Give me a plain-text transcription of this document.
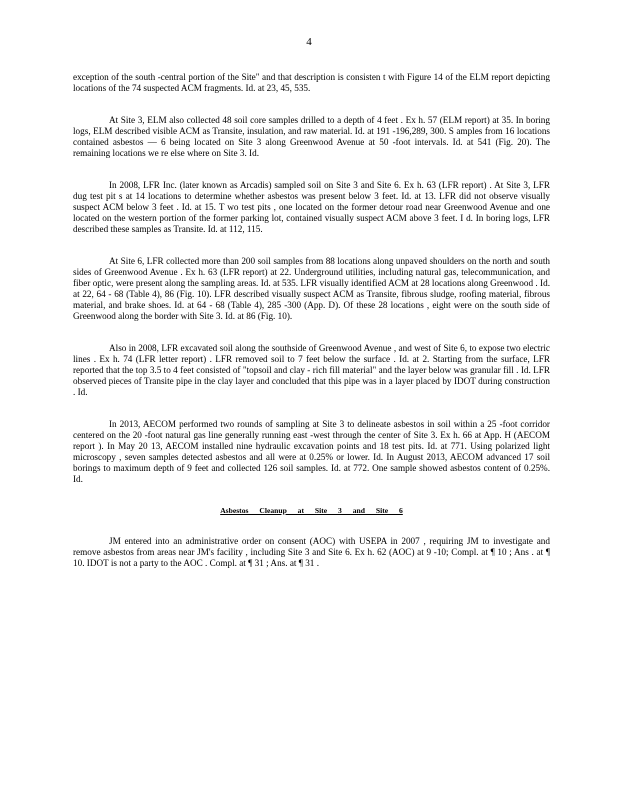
4

exception of the south -central portion of the Site" and that description is consisten t with Figure 14 of the ELM report depicting locations of the 74 suspected ACM fragments. Id. at 23, 45, 535.

At Site 3, ELM also collected 48 soil core samples drilled to a depth of 4 feet . Ex h. 57 (ELM report) at 35. In boring logs, ELM described visible ACM as Transite, insulation, and raw material. Id. at 191 -196,289, 300. S amples from 16 locations contained asbestos — 6 being located on Site 3 along Greenwood Avenue at 50 -foot intervals. Id. at 541 (Fig. 20). The remaining locations we re else where on Site 3. Id.

In 2008, LFR Inc. (later known as Arcadis) sampled soil on Site 3 and Site 6. Ex h. 63 (LFR report) . At Site 3, LFR dug test pit s at 14 locations to determine whether asbestos was present below 3 feet. Id. at 13. LFR did not observe visually suspect ACM below 3 feet . Id. at 15. T wo test pits , one located on the former detour road near Greenwood Avenue and one located on the western portion of the former parking lot, contained visually suspect ACM above 3 feet. I d. In boring logs, LFR described these samples as Transite. Id. at 112, 115.

At Site 6, LFR collected more than 200 soil samples from 88 locations along unpaved shoulders on the north and south sides of Greenwood Avenue . Ex h. 63 (LFR report) at 22. Underground utilities, including natural gas, telecommunication, and fiber optic, were present along the sampling areas. Id. at 535. LFR visually identified ACM at 28 locations along Greenwood . Id. at 22, 64 - 68 (Table 4), 86 (Fig. 10). LFR described visually suspect ACM as Transite, fibrous sludge, roofing material, fibrous material, and brake shoes. Id. at 64 - 68 (Table 4), 285 -300 (App. D). Of these 28 locations , eight were on the south side of Greenwood along the border with Site 3. Id. at 86 (Fig. 10).

Also in 2008, LFR excavated soil along the southside of Greenwood Avenue , and west of Site 6, to expose two electric lines . Ex h. 74 (LFR letter report) . LFR removed soil to 7 feet below the surface . Id. at 2. Starting from the surface, LFR reported that the top 3.5 to 4 feet consisted of "topsoil and clay - rich fill material" and the layer below was granular fill . Id. LFR observed pieces of Transite pipe in the clay layer and concluded that this pipe was in a layer placed by IDOT during construction . Id.

In 2013, AECOM performed two rounds of sampling at Site 3 to delineate asbestos in soil within a 25 -foot corridor centered on the 20 -foot natural gas line generally running east -west through the center of Site 3. Ex h. 66 at App. H (AECOM report ). In May 20 13, AECOM installed nine hydraulic excavation points and 18 test pits. Id. at 771. Using polarized light microscopy , seven samples detected asbestos and all were at 0.25% or lower. Id. In August 2013, AECOM advanced 17 soil borings to maximum depth of 9 feet and collected 126 soil samples. Id. at 772. One sample showed asbestos content of 0.25%. Id.

Asbestos Cleanup at Site 3 and Site 6

JM entered into an administrative order on consent (AOC) with USEPA in 2007 , requiring JM to investigate and remove asbestos from areas near JM's facility , including Site 3 and Site 6. Ex h. 62 (AOC) at 9 -10; Compl. at ¶ 10 ; Ans . at ¶ 10. IDOT is not a party to the AOC . Compl. at ¶ 31 ; Ans. at ¶ 31 .
